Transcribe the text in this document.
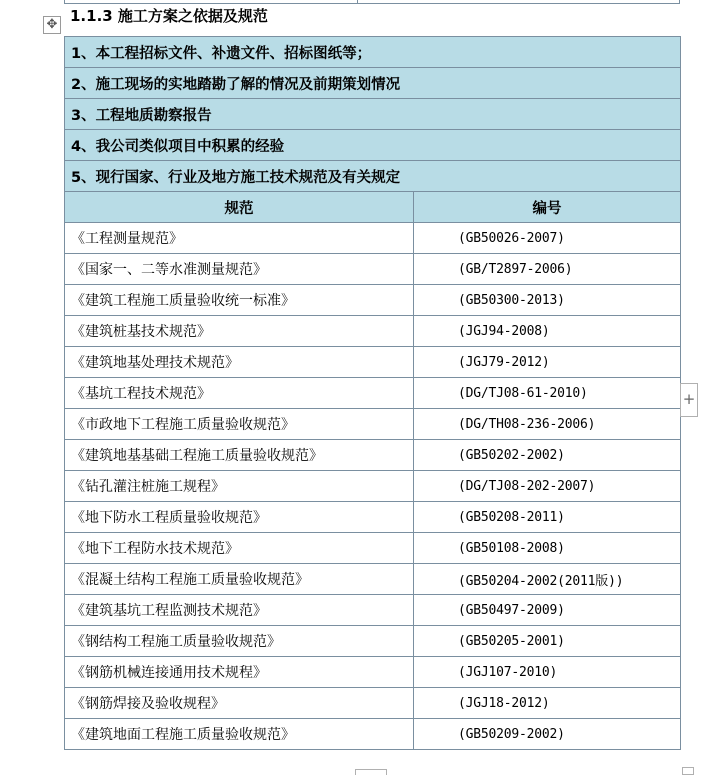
✥ 1.1.3 施工方案之依据及规范
1、本工程招标文件、补遗文件、招标图纸等；	
2、施工现场的实地踏勘了解的情况及前期策划情况	
3、工程地质勘察报告	
4、我公司类似项目中积累的经验	
5、现行国家、行业及地方施工技术规范及有关规定	
规范	编号
《工程测量规范》	(GB50026-2007)
《国家一、二等水准测量规范》	(GB/T2897-2006)
《建筑工程施工质量验收统一标准》	(GB50300-2013)
《建筑桩基技术规范》	(JGJ94-2008)
《建筑地基处理技术规范》	(JGJ79-2012)
《基坑工程技术规范》	(DG/TJ08-61-2010)
《市政地下工程施工质量验收规范》	(DG/TH08-236-2006)
《建筑地基基础工程施工质量验收规范》	(GB50202-2002)
《钻孔灌注桩施工规程》	(DG/TJ08-202-2007)
《地下防水工程质量验收规范》	(GB50208-2011)
《地下工程防水技术规范》	(GB50108-2008)
《混凝土结构工程施工质量验收规范》	(GB50204-2002(2011版))
《建筑基坑工程监测技术规范》	(GB50497-2009)
《钢结构工程施工质量验收规范》	(GB50205-2001)
《钢筋机械连接通用技术规程》	(JGJ107-2010)
《钢筋焊接及验收规程》	(JGJ18-2012)
《建筑地面工程施工质量验收规范》	(GB50209-2002)
+
